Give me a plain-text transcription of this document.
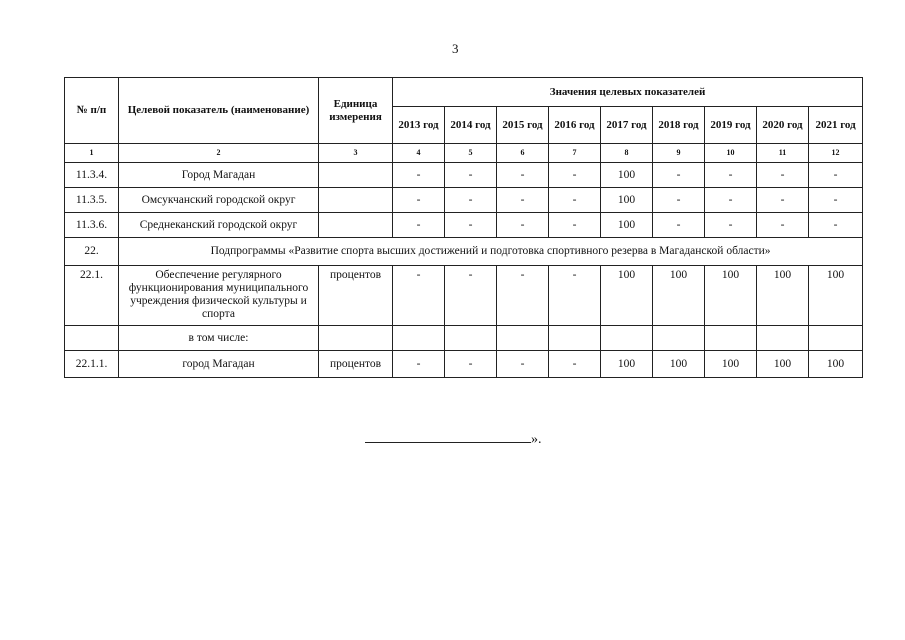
3
№ п/п	Целевой показатель (наименование)	Единица измерения	Значения целевых показателей								
			2013 год	2014 год	2015 год	2016 год	2017 год	2018 год	2019 год	2020 год	2021 год
1	2	3	4	5	6	7	8	9	10	11	12
11.3.4.	Город Магадан		-	-	-	-	100	-	-	-	-
11.3.5.	Омсукчанский городской округ		-	-	-	-	100	-	-	-	-
11.3.6.	Среднеканский городской округ		-	-	-	-	100	-	-	-	-
22.	Подпрограммы «Развитие спорта высших достижений и подготовка спортивного резерва в Магаданской области»										
22.1.	Обеспечение регулярного функционирования муниципального учреждения физической культуры и спорта	процентов	-	-	-	-	100	100	100	100	100
	в том числе:										
22.1.1.	город Магадан	процентов	-	-	-	-	100	100	100	100	100
».
